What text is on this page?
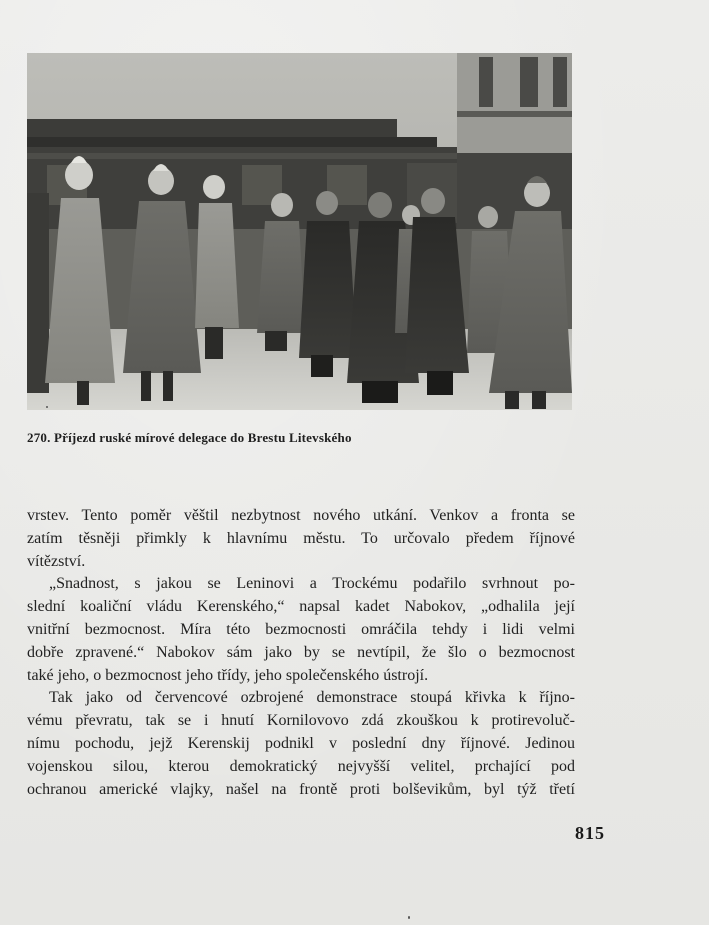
270. Příjezd ruské mírové delegace do Brestu Litevského
vrstev. Tento poměr věštil nezbytnost nového utkání. Venkov a fronta se
zatím těsněji přimkly k hlavnímu městu. To určovalo předem říjnové
vítězství.
„Snadnost, s jakou se Leninovi a Trockému podařilo svrhnout po-
slední koaliční vládu Kerenského,“ napsal kadet Nabokov, „odhalila její
vnitřní bezmocnost. Míra této bezmocnosti omráčila tehdy i lidi velmi
dobře zpravené.“ Nabokov sám jako by se nevtípil, že šlo o bezmocnost
také jeho, o bezmocnost jeho třídy, jeho společenského ústrojí.
Tak jako od červencové ozbrojené demonstrace stoupá křivka k říjno-
vému převratu, tak se i hnutí Kornilovovo zdá zkouškou k protirevoluč-
nímu pochodu, jejž Kerenskij podnikl v poslední dny říjnové. Jedinou
vojenskou silou, kterou demokratický nejvyšší velitel, prchající pod
ochranou americké vlajky, našel na frontě proti bolševikům, byl týž třetí
815
